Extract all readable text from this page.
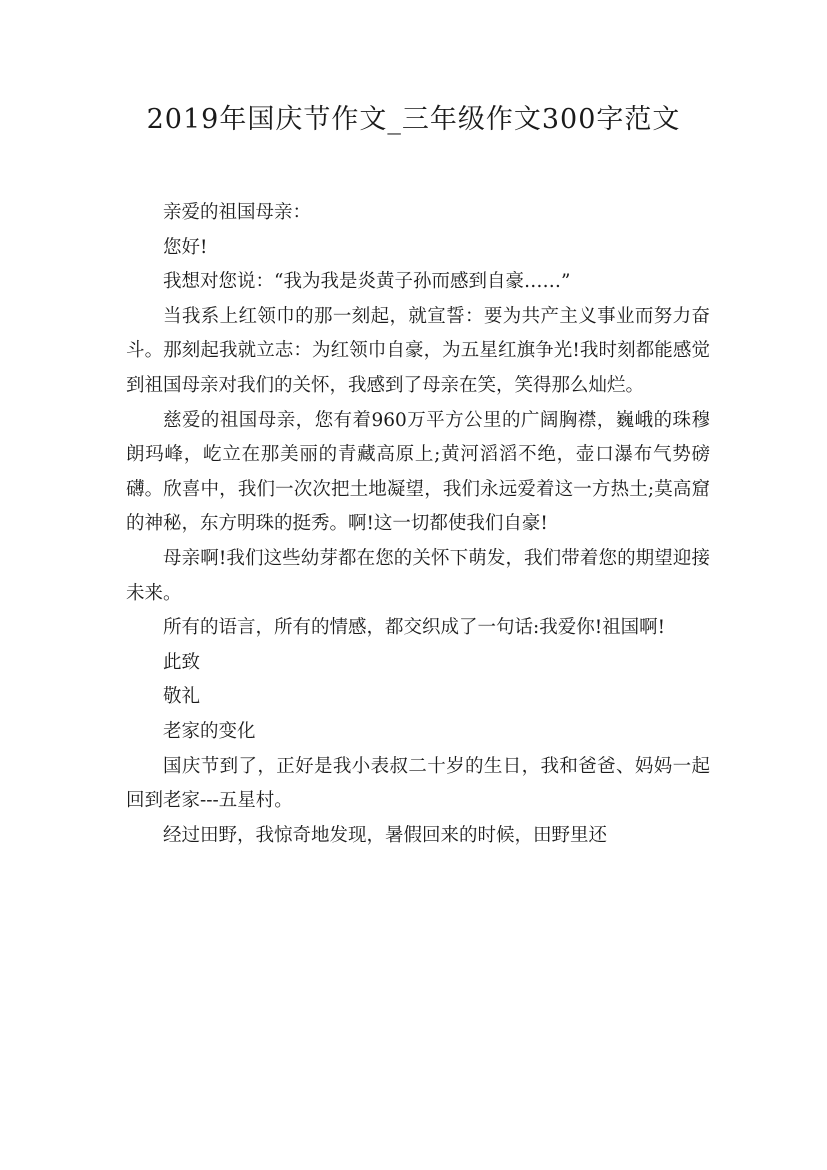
2019年国庆节作文_三年级作文300字范文

亲爱的祖国母亲：

您好!

我想对您说：“我为我是炎黄子孙而感到自豪……”

当我系上红领巾的那一刻起，就宣誓：要为共产主义事业而努力奋斗。那刻起我就立志：为红领巾自豪，为五星红旗争光!我时刻都能感觉到祖国母亲对我们的关怀，我感到了母亲在笑，笑得那么灿烂。

慈爱的祖国母亲，您有着960万平方公里的广阔胸襟，巍峨的珠穆朗玛峰，屹立在那美丽的青藏高原上;黄河滔滔不绝，壶口瀑布气势磅礴。欣喜中，我们一次次把土地凝望，我们永远爱着这一方热土;莫高窟的神秘，东方明珠的挺秀。啊!这一切都使我们自豪!

母亲啊!我们这些幼芽都在您的关怀下萌发，我们带着您的期望迎接未来。

所有的语言，所有的情感，都交织成了一句话:我爱你!祖国啊!

此致

敬礼

老家的变化

国庆节到了，正好是我小表叔二十岁的生日，我和爸爸、妈妈一起回到老家---五星村。

经过田野，我惊奇地发现，暑假回来的时候，田野里还
